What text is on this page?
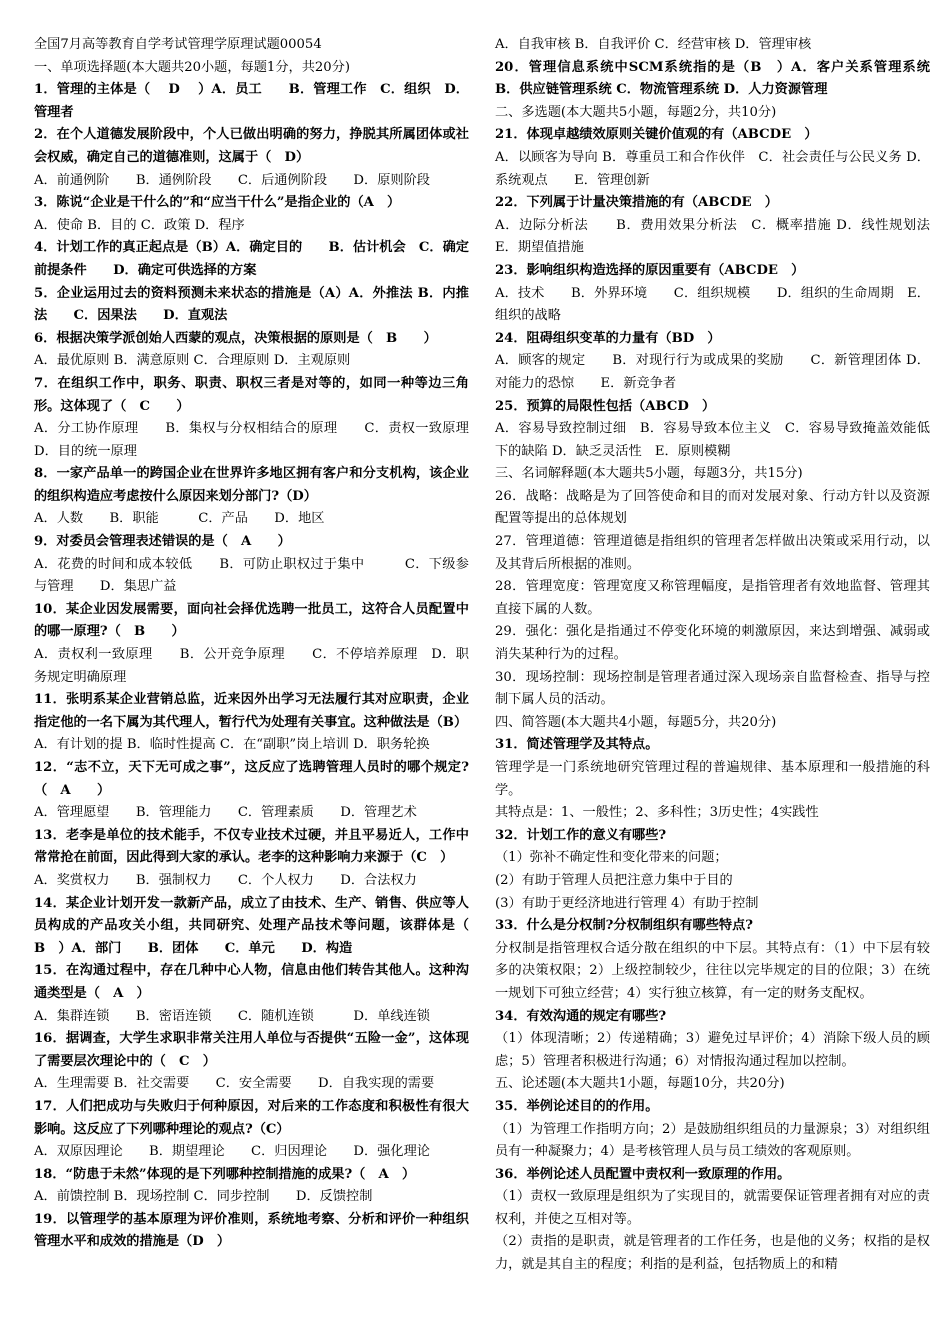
全国7月高等教育自学考试管理学原理试题00054

一、单项选择题(本大题共20小题，每题1分，共20分)

1．管理的主体是（　 D　 ）A．员工　　B．管理工作　C．组织　D．管理者

2．在个人道德发展阶段中，个人已做出明确的努力，挣脱其所属团体或社会权威，确定自己的道德准则，这属于（　D）

A．前通例阶　　B．通例阶段　　C．后通例阶段　　D．原则阶段

3．陈说“企业是干什么的”和“应当干什么”是指企业的（A　）

A．使命 B．目的 C．政策 D．程序

4．计划工作的真正起点是（B）A．确定目的　　B．估计机会　C．确定前提条件　　D．确定可供选择的方案

5．企业运用过去的资料预测未来状态的措施是（A）A．外推法 B．内推法　　C．因果法　　D．直观法

6．根据决策学派创始人西蒙的观点，决策根据的原则是（　B　　）

A．最优原则 B．满意原则 C．合理原则 D．主观原则

7．在组织工作中，职务、职责、职权三者是对等的，如同一种等边三角形。这体现了（　C　　）

A．分工协作原理　　B．集权与分权相结合的原理　　C．责权一致原理　　D．目的统一原理

8．一家产品单一的跨国企业在世界许多地区拥有客户和分支机构，该企业的组织构造应考虑按什么原因来划分部门?（D）

A．人数　　B．职能　　　C．产品　　D．地区

9．对委员会管理表述错误的是（　A　　）

A．花费的时间和成本较低　　B．可防止职权过于集中　　　C．下级参与管理　　D．集思广益

10．某企业因发展需要，面向社会择优选聘一批员工，这符合人员配置中的哪一原理?（　B　　）

A．责权利一致原理　　B．公开竞争原理　　C．不停培养原理　D．职务规定明确原理

11．张明系某企业营销总监，近来因外出学习无法履行其对应职责，企业指定他的一名下属为其代理人，暂行代为处理有关事宜。这种做法是（B）

A．有计划的提 B．临时性提高 C．在“副职”岗上培训 D．职务轮换

12．“志不立，天下无可成之事”，这反应了选聘管理人员时的哪个规定?（　A　　）

A．管理愿望　　B．管理能力　　C．管理素质　　D．管理艺术

13．老李是单位的技术能手，不仅专业技术过硬，并且平易近人，工作中常常抢在前面，因此得到大家的承认。老李的这种影响力来源于（C　）

A．奖赏权力　　B．强制权力　　C．个人权力　　D．合法权力

14．某企业计划开发一款新产品，成立了由技术、生产、销售、供应等人员构成的产品攻关小组，共同研究、处理产品技术等问题，该群体是（　B　）A．部门　　B．团体　　C．单元　　D．构造

15．在沟通过程中，存在几种中心人物，信息由他们转告其他人。这种沟通类型是（　A　）

A．集群连锁　　B．密语连锁　　C．随机连锁　　　D．单线连锁

16．据调查，大学生求职非常关注用人单位与否提供“五险一金”，这体现了需要层次理论中的（　C　）

A．生理需要 B．社交需要　　C．安全需要　　D．自我实现的需要

17．人们把成功与失败归于何种原因，对后来的工作态度和积极性有很大影响。这反应了下列哪种理论的观点?（C）

A．双原因理论　　B．期望理论　　C．归因理论　　D．强化理论

18．“防患于未然”体现的是下列哪种控制措施的成果?（　A　）

A．前馈控制 B．现场控制 C．同步控制　　D．反馈控制

19．以管理学的基本原理为评价准则，系统地考察、分析和评价一种组织管理水平和成效的措施是（D　）

A．自我审核 B．自我评价 C．经营审核 D．管理审核

20．管理信息系统中SCM系统指的是（B　）A．客户关系管理系统　B．供应链管理系统 C．物流管理系统 D．人力资源管理

二、多选题(本大题共5小题，每题2分，共10分)

21．体现卓越绩效原则关键价值观的有（ABCDE　）

A．以顾客为导向 B．尊重员工和合作伙伴　C．社会责任与公民义务 D．系统观点　　E．管理创新

22．下列属于计量决策措施的有（ABCDE　）

A．边际分析法　　B．费用效果分析法　C．概率措施 D．线性规划法　E．期望值措施

23．影响组织构造选择的原因重要有（ABCDE　）

A．技术　　B．外界环境　　C．组织规模　　D．组织的生命周期　E．组织的战略

24．阻碍组织变革的力量有（BD　）

A．顾客的规定　　B．对现行行为或成果的奖励　　C．新管理团体 D．对能力的恐惊　　E．新竞争者

25．预算的局限性包括（ABCD　）

A．容易导致控制过细　B．容易导致本位主义　C．容易导致掩盖效能低下的缺陷 D．缺乏灵活性　E．原则模糊

三、名词解释题(本大题共5小题，每题3分，共15分)

26．战略：战略是为了回答使命和目的而对发展对象、行动方针以及资源配置等提出的总体规划

27．管理道德：管理道德是指组织的管理者怎样做出决策或采用行动，以及其背后所根据的准则。

28．管理宽度：管理宽度又称管理幅度，是指管理者有效地监督、管理其直接下属的人数。

29．强化：强化是指通过不停变化环境的刺激原因，来达到增强、减弱或消失某种行为的过程。

30．现场控制：现场控制是管理者通过深入现场亲自监督检查、指导与控制下属人员的活动。

四、简答题(本大题共4小题，每题5分，共20分)

31．简述管理学及其特点。

管理学是一门系统地研究管理过程的普遍规律、基本原理和一般措施的科学。

其特点是：1、一般性；2、多科性；3历史性；4实践性

32．计划工作的意义有哪些?

（1）弥补不确定性和变化带来的问题；

(2）有助于管理人员把注意力集中于目的

(3）有助于更经济地进行管理 4）有助于控制

33．什么是分权制?分权制组织有哪些特点?

分权制是指管理权合适分散在组织的中下层。其特点有：（1）中下层有较多的决策权限；2）上级控制较少，往往以完毕规定的目的位限；3）在统一规划下可独立经营；4）实行独立核算，有一定的财务支配权。

34．有效沟通的规定有哪些?

（1）体现清晰；2）传递精确；3）避免过早评价；4）消除下级人员的顾虑；5）管理者积极进行沟通；6）对情报沟通过程加以控制。

五、论述题(本大题共1小题，每题10分，共20分)

35．举例论述目的的作用。

（1）为管理工作指明方向；2）是鼓励组织组员的力量源泉；3）对组织组员有一种凝聚力；4）是考核管理人员与员工绩效的客观原则。

36．举例论述人员配置中责权利一致原理的作用。

（1）责权一致原理是组织为了实现目的，就需要保证管理者拥有对应的责权利，并使之互相对等。

（2）责指的是职责，就是管理者的工作任务，也是他的义务；权指的是权力，就是其自主的程度；利指的是利益，包括物质上的和精
